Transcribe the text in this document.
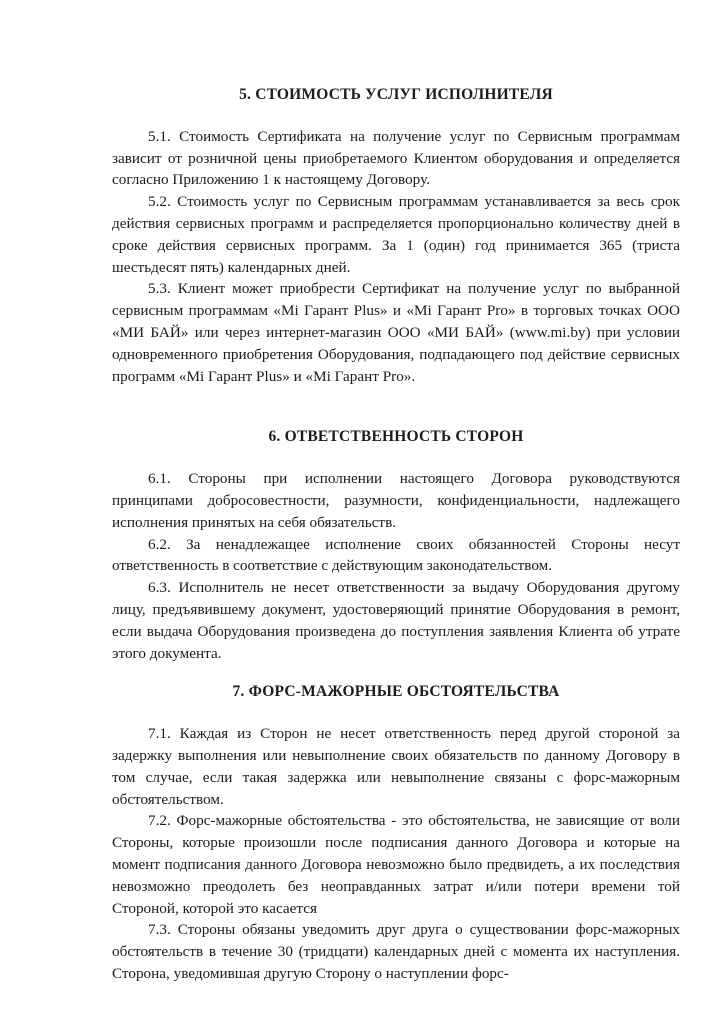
5. СТОИМОСТЬ УСЛУГ ИСПОЛНИТЕЛЯ

5.1. Стоимость Сертификата на получение услуг по Сервисным программам зависит от розничной цены приобретаемого Клиентом оборудования и определяется согласно Приложению 1 к настоящему Договору.

5.2. Стоимость услуг по Сервисным программам устанавливается за весь срок действия сервисных программ и распределяется пропорционально количеству дней в сроке действия сервисных программ. За 1 (один) год принимается 365 (триста шестьдесят пять) календарных дней.

5.3. Клиент может приобрести Сертификат на получение услуг по выбранной сервисным программам «Mi Гарант Plus» и «Mi Гарант Pro» в торговых точках ООО «МИ БАЙ» или через интернет-магазин ООО «МИ БАЙ» (www.mi.by) при условии одновременного приобретения Оборудования, подпадающего под действие сервисных программ «Mi Гарант Plus» и «Mi Гарант Pro».

6. ОТВЕТСТВЕННОСТЬ СТОРОН

6.1. Стороны при исполнении настоящего Договора руководствуются принципами добросовестности, разумности, конфиденциальности, надлежащего исполнения принятых на себя обязательств.

6.2. За ненадлежащее исполнение своих обязанностей Стороны несут ответственность в соответствие с действующим законодательством.

6.3. Исполнитель не несет ответственности за выдачу Оборудования другому лицу, предъявившему документ, удостоверяющий принятие Оборудования в ремонт, если выдача Оборудования произведена до поступления заявления Клиента об утрате этого документа.

7. ФОРС-МАЖОРНЫЕ ОБСТОЯТЕЛЬСТВА

7.1. Каждая из Сторон не несет ответственность перед другой стороной за задержку выполнения или невыполнение своих обязательств по данному Договору в том случае, если такая задержка или невыполнение связаны с форс-мажорным обстоятельством.

7.2. Форс-мажорные обстоятельства - это обстоятельства, не зависящие от воли Стороны, которые произошли после подписания данного Договора и которые на момент подписания данного Договора невозможно было предвидеть, а их последствия невозможно преодолеть без неоправданных затрат и/или потери времени той Стороной, которой это касается

7.3. Стороны обязаны уведомить друг друга о существовании форс-мажорных обстоятельств в течение 30 (тридцати) календарных дней с момента их наступления. Сторона, уведомившая другую Сторону о наступлении форс-
